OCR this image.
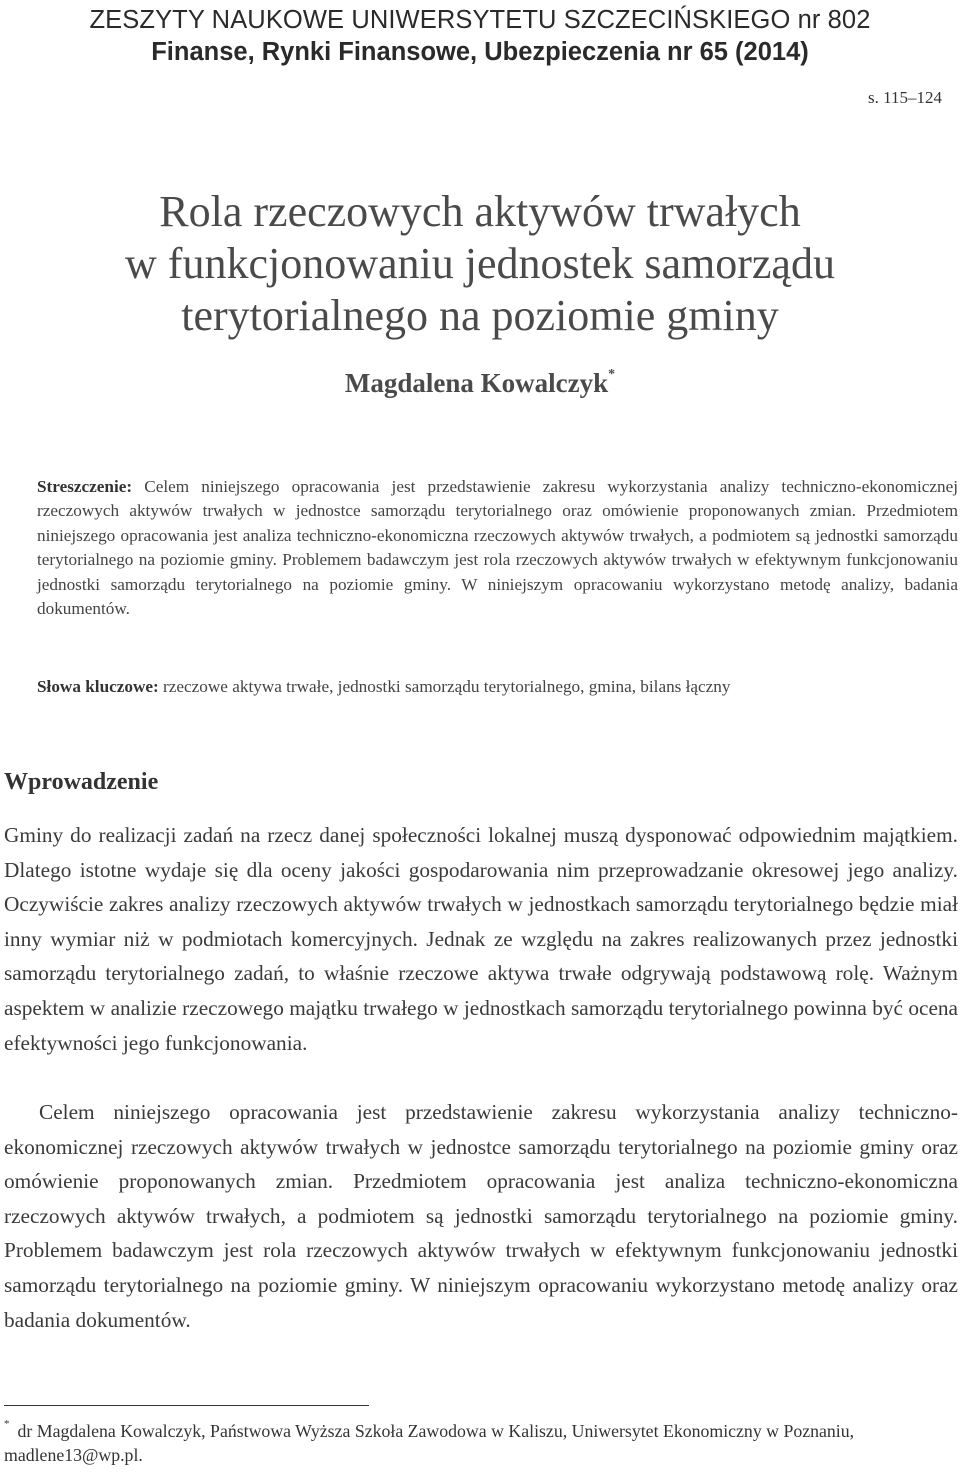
ZESZYTY NAUKOWE UNIWERSYTETU SZCZECIŃSKIEGO nr 802
Finanse, Rynki Finansowe, Ubezpieczenia nr 65 (2014)
s. 115–124
Rola rzeczowych aktywów trwałych
w funkcjonowaniu jednostek samorządu
terytorialnego na poziomie gminy
Magdalena Kowalczyk*
Streszczenie: Celem niniejszego opracowania jest przedstawienie zakresu wykorzystania analizy techniczno-ekonomicznej rzeczowych aktywów trwałych w jednostce samorządu terytorialnego oraz omówienie proponowanych zmian. Przedmiotem niniejszego opracowania jest analiza techniczno-ekonomiczna rzeczowych aktywów trwałych, a podmiotem są jednostki samorządu terytorialnego na poziomie gminy. Problemem badawczym jest rola rzeczowych aktywów trwałych w efektywnym funkcjonowaniu jednostki samorządu terytorialnego na poziomie gminy. W niniejszym opracowaniu wykorzystano metodę analizy, badania dokumentów.
Słowa kluczowe: rzeczowe aktywa trwałe, jednostki samorządu terytorialnego, gmina, bilans łączny
Wprowadzenie
Gminy do realizacji zadań na rzecz danej społeczności lokalnej muszą dysponować odpowiednim majątkiem. Dlatego istotne wydaje się dla oceny jakości gospodarowania nim przeprowadzanie okresowej jego analizy. Oczywiście zakres analizy rzeczowych aktywów trwałych w jednostkach samorządu terytorialnego będzie miał inny wymiar niż w podmiotach komercyjnych. Jednak ze względu na zakres realizowanych przez jednostki samorządu terytorialnego zadań, to właśnie rzeczowe aktywa trwałe odgrywają podstawową rolę. Ważnym aspektem w analizie rzeczowego majątku trwałego w jednostkach samorządu terytorialnego powinna być ocena efektywności jego funkcjonowania.
Celem niniejszego opracowania jest przedstawienie zakresu wykorzystania analizy techniczno-ekonomicznej rzeczowych aktywów trwałych w jednostce samorządu terytorialnego na poziomie gminy oraz omówienie proponowanych zmian. Przedmiotem opracowania jest analiza techniczno-ekonomiczna rzeczowych aktywów trwałych, a podmiotem są jednostki samorządu terytorialnego na poziomie gminy. Problemem badawczym jest rola rzeczowych aktywów trwałych w efektywnym funkcjonowaniu jednostki samorządu terytorialnego na poziomie gminy. W niniejszym opracowaniu wykorzystano metodę analizy oraz badania dokumentów.
* dr Magdalena Kowalczyk, Państwowa Wyższa Szkoła Zawodowa w Kaliszu, Uniwersytet Ekonomiczny w Poznaniu, madlene13@wp.pl.
